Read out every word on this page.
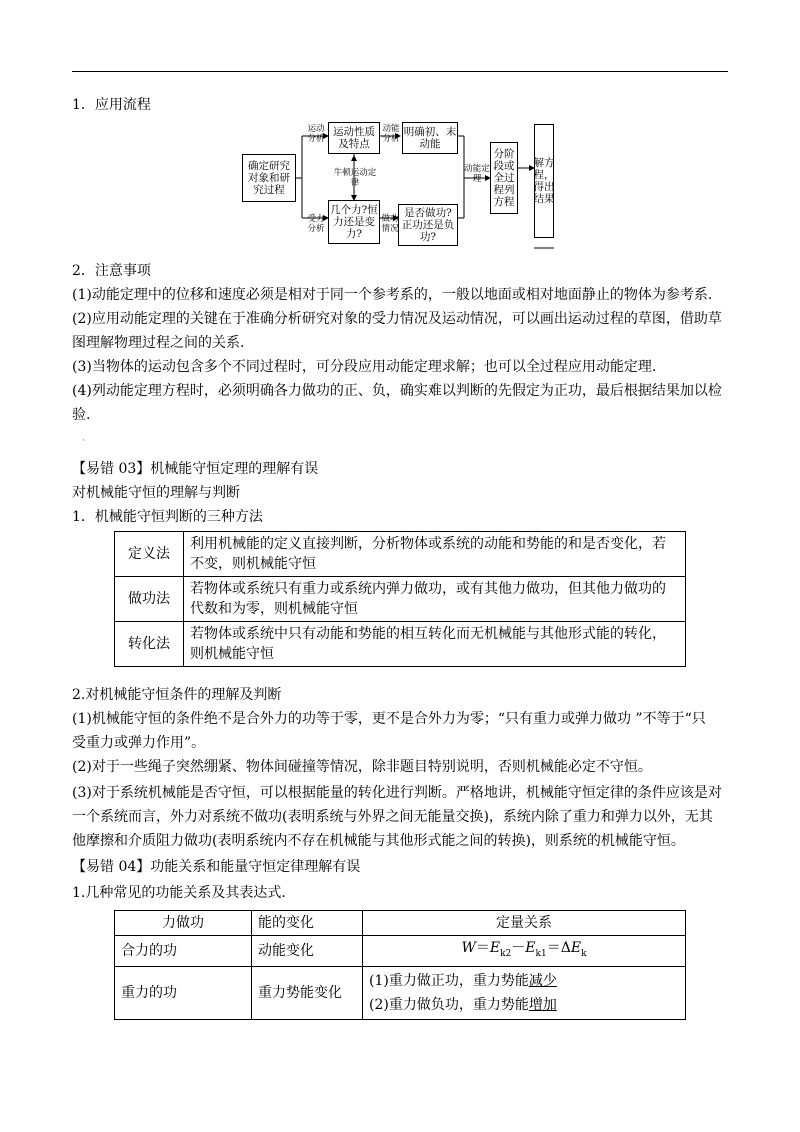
1．应用流程
确定研究对象和研究过程
运动分析
运动性质及特点
动能分析
明确初、末动能
牛顿运动定律
受力分析
几个力?恒力还是变力?
做功情况
是否做功?正功还是负功?
动能定理
分阶段或全过程列方程
解方程，得出结果
2．注意事项
(1)动能定理中的位移和速度必须是相对于同一个参考系的，一般以地面或相对地面静止的物体为参考系.
(2)应用动能定理的关键在于准确分析研究对象的受力情况及运动情况，可以画出运动过程的草图，借助草
图理解物理过程之间的关系.
(3)当物体的运动包含多个不同过程时，可分段应用动能定理求解；也可以全过程应用动能定理.
(4)列动能定理方程时，必须明确各力做功的正、负，确实难以判断的先假定为正功，最后根据结果加以检
验.
·
【易错 03】机械能守恒定理的理解有误
对机械能守恒的理解与判断
1．机械能守恒判断的三种方法
定义法	利用机械能的定义直接判断，分析物体或系统的动能和势能的和是否变化，若
不变，则机械能守恒

做功法	若物体或系统只有重力或系统内弹力做功，或有其他力做功，但其他力做功的
代数和为零，则机械能守恒

转化法	若物体或系统中只有动能和势能的相互转化而无机械能与其他形式能的转化，
则机械能守恒
2.对机械能守恒条件的理解及判断
(1)机械能守恒的条件绝不是合外力的功等于零，更不是合外力为零；“只有重力或弹力做功 ”不等于“只
受重力或弹力作用”。
(2)对于一些绳子突然绷紧、物体间碰撞等情况，除非题目特别说明，否则机械能必定不守恒。
(3)对于系统机械能是否守恒，可以根据能量的转化进行判断。严格地讲，机械能守恒定律的条件应该是对
一个系统而言，外力对系统不做功(表明系统与外界之间无能量交换)，系统内除了重力和弹力以外，无其
他摩擦和介质阻力做功(表明系统内不存在机械能与其他形式能之间的转换)，则系统的机械能守恒。
【易错 04】功能关系和能量守恒定律理解有误
1.几种常见的功能关系及其表达式.
力做功	能的变化	定量关系
合力的功	动能变化	$W=E_{k2}-E_{k1}=\Delta E_k$
重力的功	重力势能变化	(1)重力做正功，重力势能减少
(2)重力做负功，重力势能增加
